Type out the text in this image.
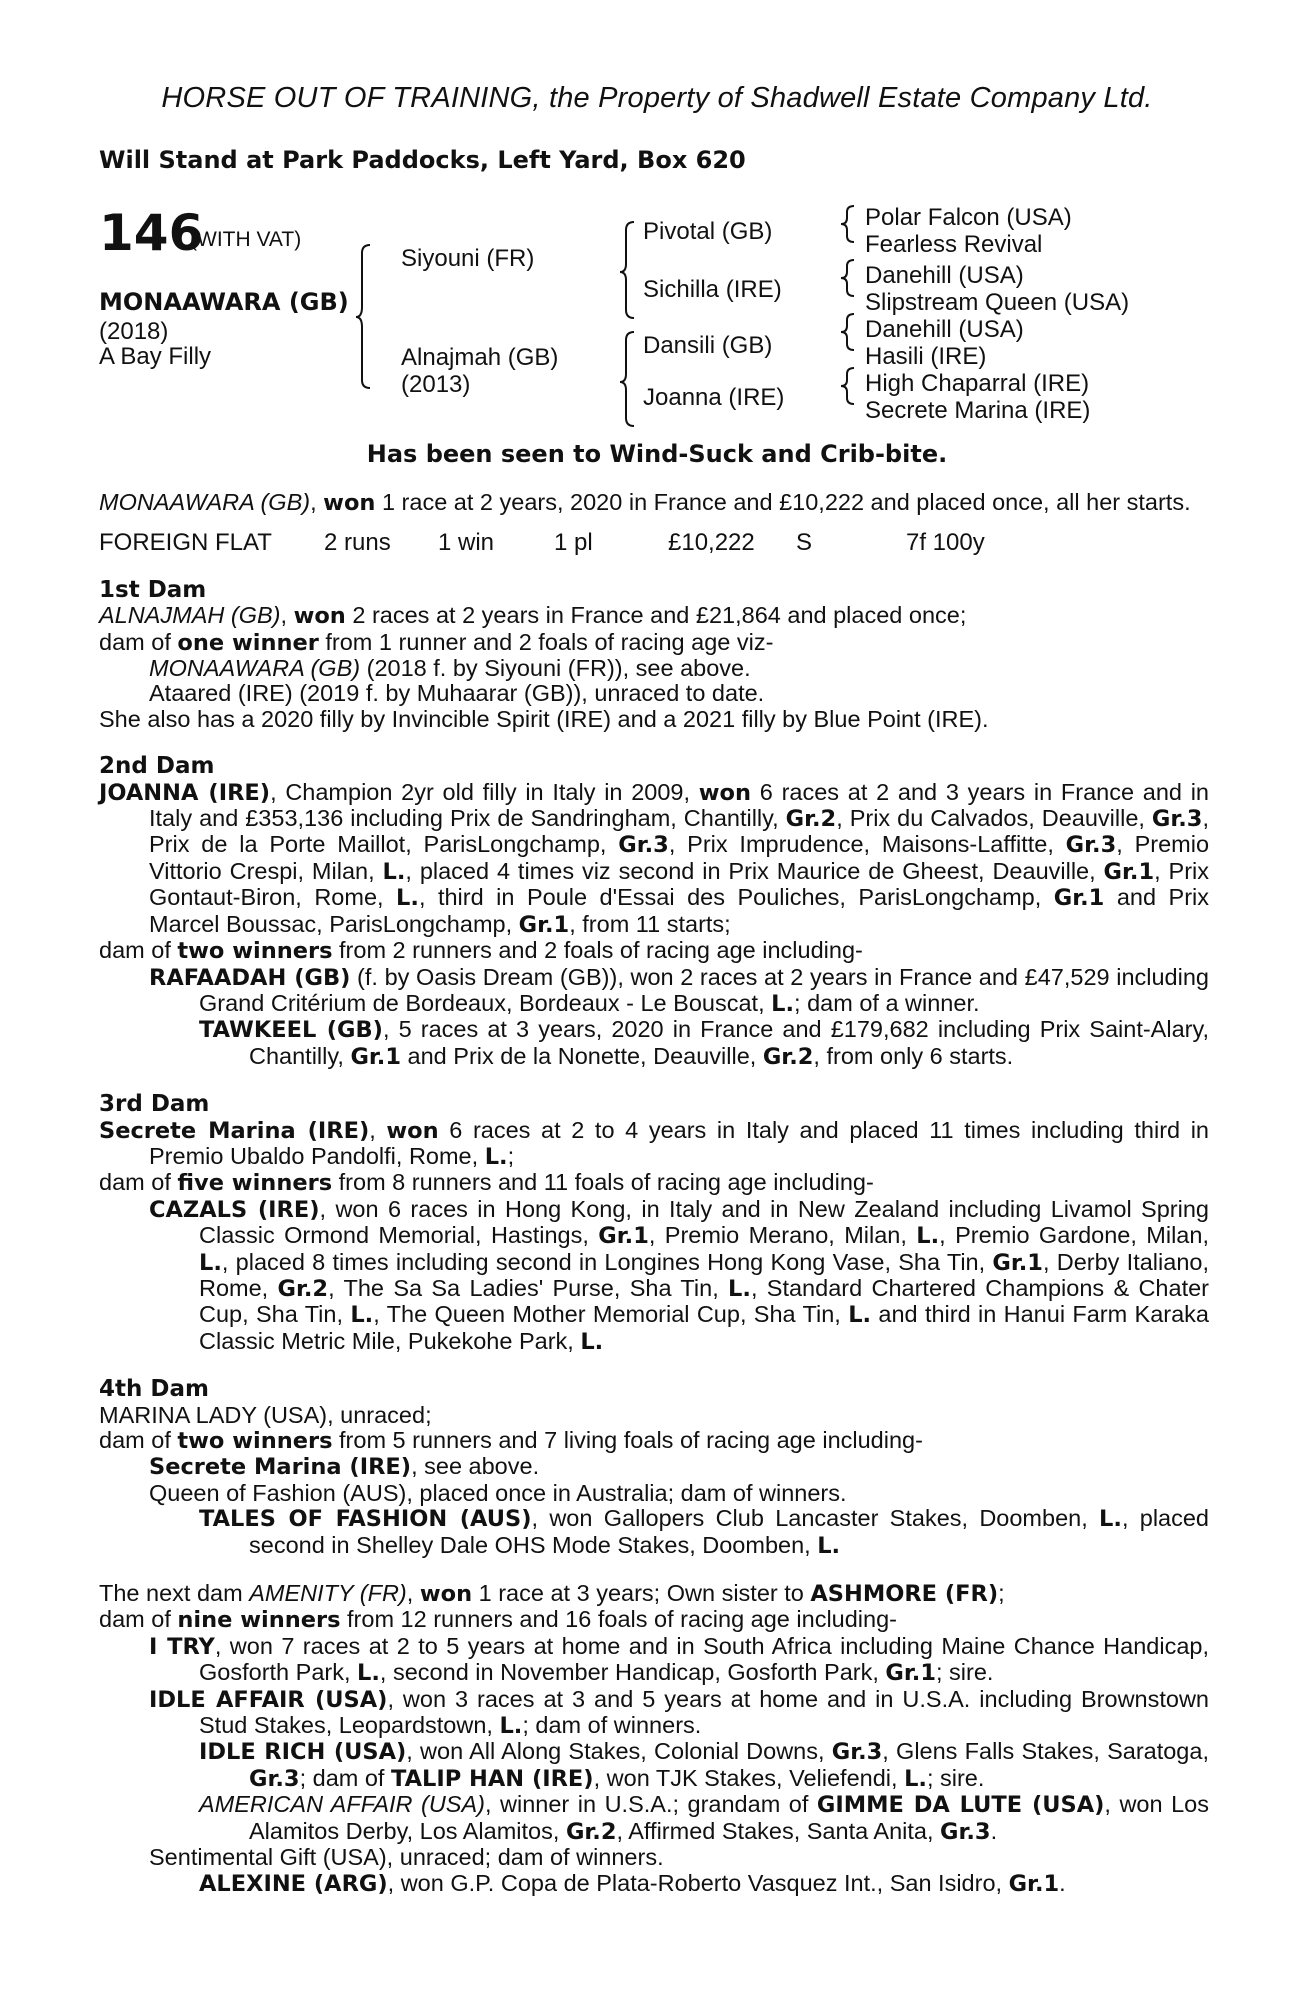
HORSE OUT OF TRAINING, the Property of Shadwell Estate Company Ltd.
Will Stand at Park Paddocks, Left Yard, Box 620
146
(WITH VAT)
MONAAWARA (GB)
(2018)
A Bay Filly
Siyouni (FR)
Alnajmah (GB)
(2013)
Pivotal (GB)
Sichilla (IRE)
Dansili (GB)
Joanna (IRE)
Polar Falcon (USA)
Fearless Revival
Danehill (USA)
Slipstream Queen (USA)
Danehill (USA)
Hasili (IRE)
High Chaparral (IRE)
Secrete Marina (IRE)
Has been seen to Wind-Suck and Crib-bite.

MONAAWARA (GB), won 1 race at 2 years, 2020 in France and £10,222 and placed once, all her starts.

FOREIGN FLAT	2 runs	1 win	1 pl	£10,222	S	7f 100y

1st Dam

ALNAJMAH (GB), won 2 races at 2 years in France and £21,864 and placed once;

dam of one winner from 1 runner and 2 foals of racing age viz-

MONAAWARA (GB) (2018 f. by Siyouni (FR)), see above.

Ataared (IRE) (2019 f. by Muhaarar (GB)), unraced to date.

She also has a 2020 filly by Invincible Spirit (IRE) and a 2021 filly by Blue Point (IRE).

2nd Dam

JOANNA (IRE), Champion 2yr old filly in Italy in 2009, won 6 races at 2 and 3 years in France and in Italy and £353,136 including Prix de Sandringham, Chantilly, Gr.2, Prix du Calvados, Deauville, Gr.3, Prix de la Porte Maillot, ParisLongchamp, Gr.3, Prix Imprudence, Maisons-Laffitte, Gr.3, Premio Vittorio Crespi, Milan, L., placed 4 times viz second in Prix Maurice de Gheest, Deauville, Gr.1, Prix Gontaut-Biron, Rome, L., third in Poule d'Essai des Pouliches, ParisLongchamp, Gr.1 and Prix Marcel Boussac, ParisLongchamp, Gr.1, from 11 starts;

dam of two winners from 2 runners and 2 foals of racing age including-

RAFAADAH (GB) (f. by Oasis Dream (GB)), won 2 races at 2 years in France and £47,529 including Grand Critérium de Bordeaux, Bordeaux - Le Bouscat, L.; dam of a winner.

TAWKEEL (GB), 5 races at 3 years, 2020 in France and £179,682 including Prix Saint-Alary, Chantilly, Gr.1 and Prix de la Nonette, Deauville, Gr.2, from only 6 starts.

3rd Dam

Secrete Marina (IRE), won 6 races at 2 to 4 years in Italy and placed 11 times including third in Premio Ubaldo Pandolfi, Rome, L.;

dam of five winners from 8 runners and 11 foals of racing age including-

CAZALS (IRE), won 6 races in Hong Kong, in Italy and in New Zealand including Livamol Spring Classic Ormond Memorial, Hastings, Gr.1, Premio Merano, Milan, L., Premio Gardone, Milan, L., placed 8 times including second in Longines Hong Kong Vase, Sha Tin, Gr.1, Derby Italiano, Rome, Gr.2, The Sa Sa Ladies' Purse, Sha Tin, L., Standard Chartered Champions & Chater Cup, Sha Tin, L., The Queen Mother Memorial Cup, Sha Tin, L. and third in Hanui Farm Karaka Classic Metric Mile, Pukekohe Park, L.

4th Dam

MARINA LADY (USA), unraced;

dam of two winners from 5 runners and 7 living foals of racing age including-

Secrete Marina (IRE), see above.

Queen of Fashion (AUS), placed once in Australia; dam of winners.

TALES OF FASHION (AUS), won Gallopers Club Lancaster Stakes, Doomben, L., placed second in Shelley Dale OHS Mode Stakes, Doomben, L.

The next dam AMENITY (FR), won 1 race at 3 years; Own sister to ASHMORE (FR);

dam of nine winners from 12 runners and 16 foals of racing age including-

I TRY, won 7 races at 2 to 5 years at home and in South Africa including Maine Chance Handicap, Gosforth Park, L., second in November Handicap, Gosforth Park, Gr.1; sire.

IDLE AFFAIR (USA), won 3 races at 3 and 5 years at home and in U.S.A. including Brownstown Stud Stakes, Leopardstown, L.; dam of winners.

IDLE RICH (USA), won All Along Stakes, Colonial Downs, Gr.3, Glens Falls Stakes, Saratoga, Gr.3; dam of TALIP HAN (IRE), won TJK Stakes, Veliefendi, L.; sire.

AMERICAN AFFAIR (USA), winner in U.S.A.; grandam of GIMME DA LUTE (USA), won Los Alamitos Derby, Los Alamitos, Gr.2, Affirmed Stakes, Santa Anita, Gr.3.

Sentimental Gift (USA), unraced; dam of winners.

ALEXINE (ARG), won G.P. Copa de Plata-Roberto Vasquez Int., San Isidro, Gr.1.
